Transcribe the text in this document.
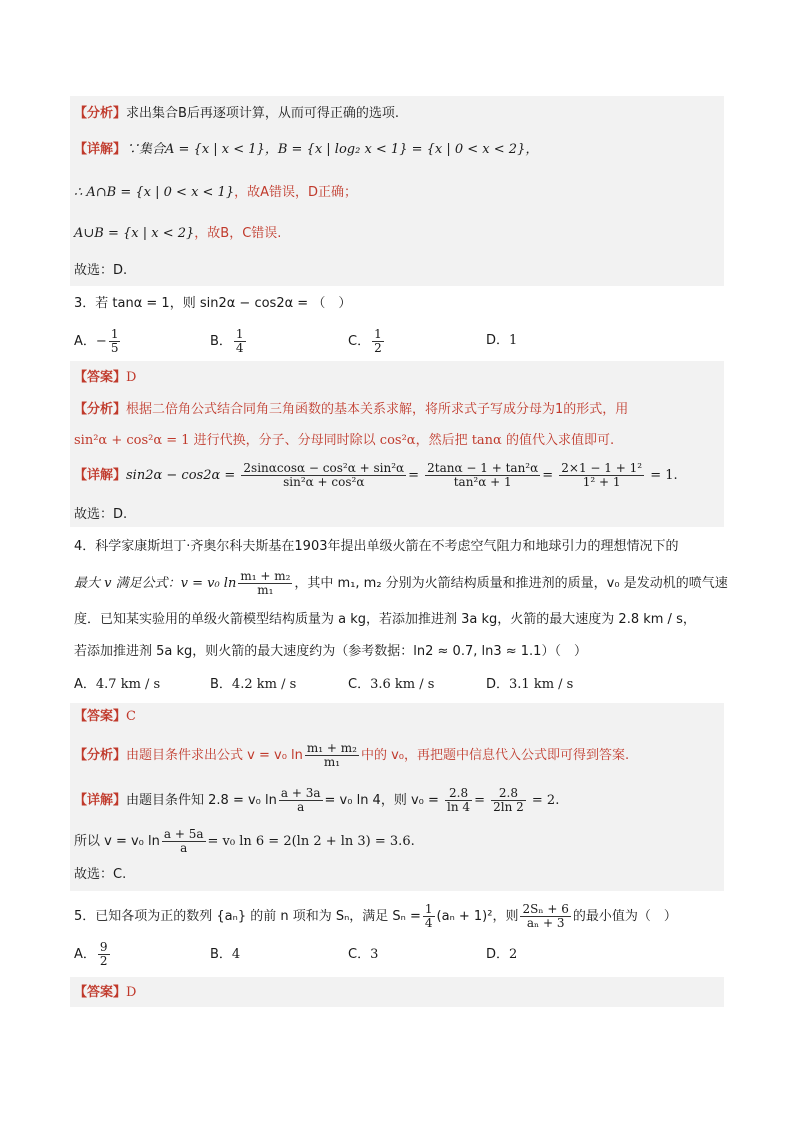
【分析】求出集合B后再逐项计算，从而可得正确的选项.
【详解】∵集合A = {x | x < 1}，B = {x | log₂ x < 1} = {x | 0 < x < 2}，
∴ A∩B = {x | 0 < x < 1}，故A错误，D正确；
A∪B = {x | x < 2}，故B，C错误.
故选：D.
3．若 tanα = 1，则 sin2α − cos2α = （　）
A．− $\frac{1}{5}$	B． $\frac{1}{4}$	C． $\frac{1}{2}$	D．1
【答案】D
【分析】根据二倍角公式结合同角三角函数的基本关系求解，将所求式子写成分母为1的形式，用
sin²α + cos²α = 1 进行代换，分子、分母同时除以 cos²α，然后把 tanα 的值代入求值即可.
【详解】$\sin 2\alpha - \cos 2\alpha = \frac{\text{2sinαcosα − cos²α + sin²α}}{\text{sin²α + cos²α}} = \frac{\text{2tanα − 1 + tan²α}}{\text{tan²α + 1}} = \frac{\text{2×1 − 1 + 1²}}{\text{1² + 1}} = 1$.
故选：D.
4．科学家康斯坦丁·齐奥尔科夫斯基在1903年提出单级火箭在不考虑空气阻力和地球引力的理想情况下的
最大 v 满足公式：v = v₀ $\ln \frac{\text{m₁ + m₂}}{\text{m₁}}$ ，其中 m₁, m₂ 分别为火箭结构质量和推进剂的质量，v₀ 是发动机的喷气速
度．已知某实验用的单级火箭模型结构质量为 a kg，若添加推进剂 3a kg，火箭的最大速度为 2.8 km / s，
若添加推进剂 5a kg，则火箭的最大速度约为（参考数据：ln2 ≈ 0.7, ln3 ≈ 1.1）（　）
A．4.7 km / s	B．4.2 km / s	C．3.6 km / s	D．3.1 km / s
【答案】C
【分析】由题目条件求出公式 v = v₀ $\ln \frac{\text{m₁ + m₂}}{\text{m₁}}$ 中的 v₀，再把题中信息代入公式即可得到答案.
【详解】由题目条件知 2.8 = v₀ $\ln \frac{a + 3a}{a} = v_0$ ln 4，则 $v_0 = \frac{2.8}{\ln 4} = \frac{2.8}{2\ln 2} = 2$.
所以 v = v₀ $\ln \frac{a + 5a}{a} = v_0$ ln 6 = 2(ln 2 + ln 3) = 3.6.
故选：C.
5．已知各项为正的数列 {aₙ} 的前 n 项和为 Sₙ，满足 $S_n = \frac{1}{4} (a_n + 1)^2$，则 $\frac{\text{2Sₙ + 6}}{\text{aₙ + 3}}$ 的最小值为（　）
A． $\frac{9}{2}$	B．4	C．3	D．2
【答案】D
